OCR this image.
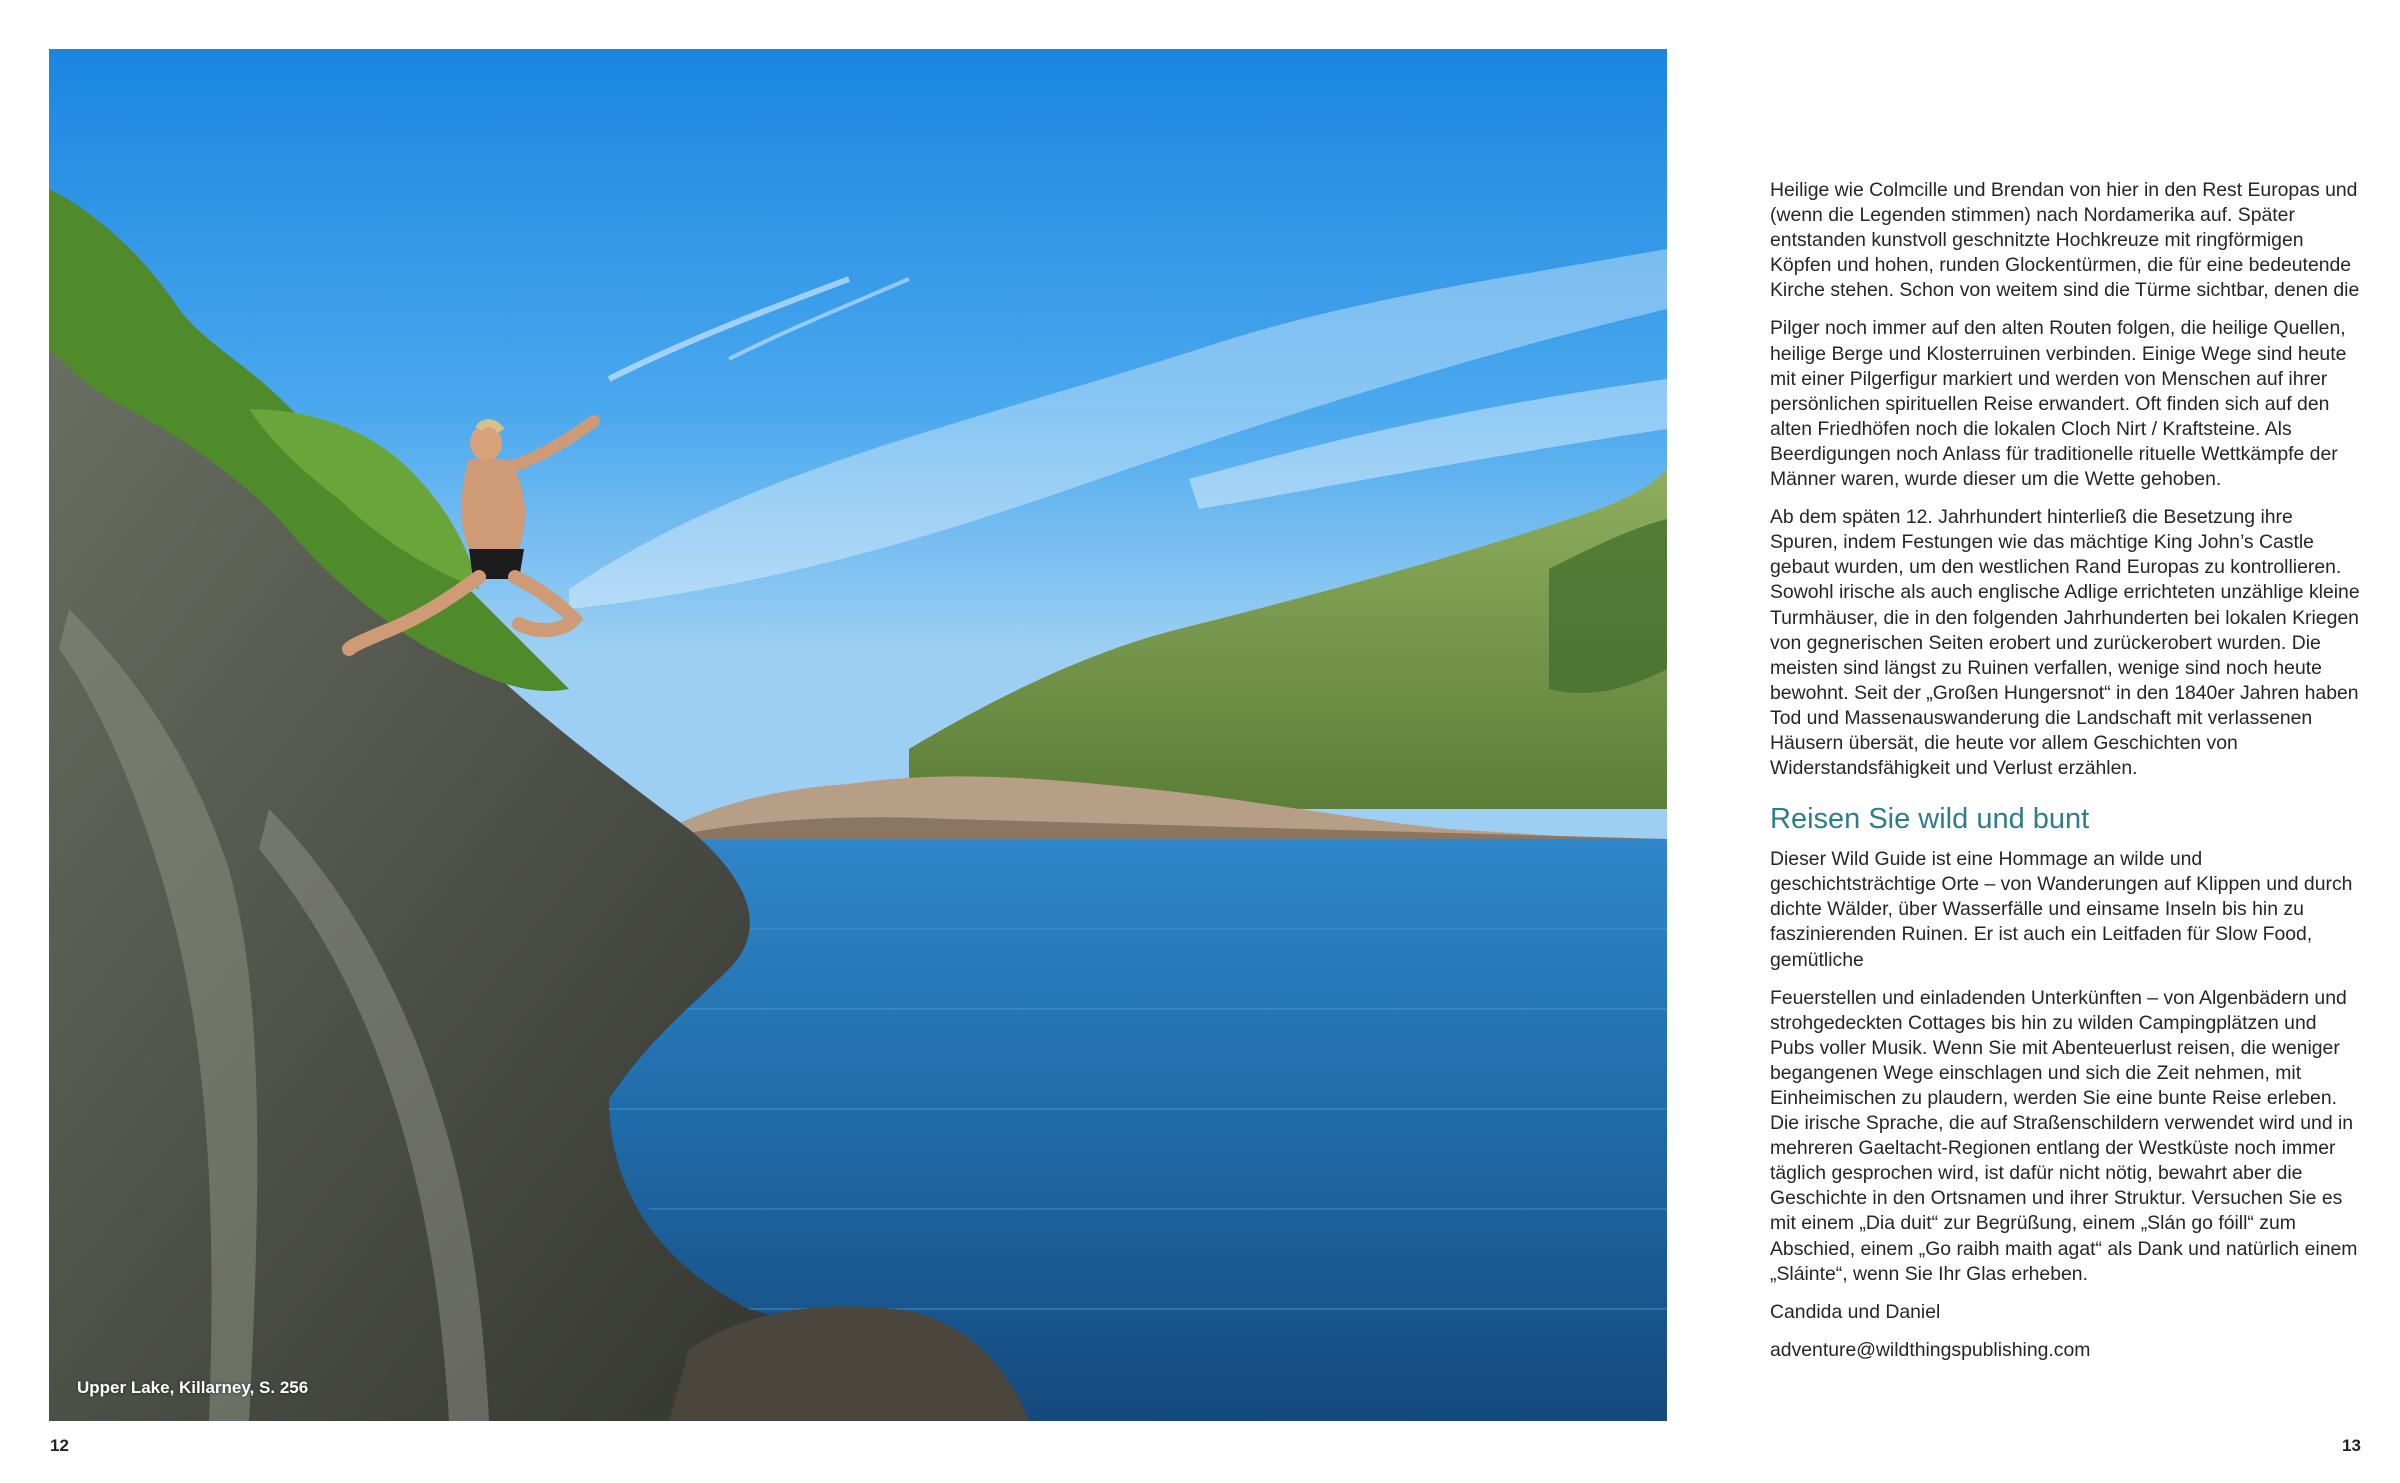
Upper Lake, Killarney, S. 256
12	13

Heilige wie Colmcille und Brendan von hier in den Rest Europas und (wenn die Legenden stimmen) nach Nordamerika auf. Später entstanden kunstvoll geschnitzte Hochkreuze mit ringförmigen Köpfen und hohen, runden Glockentürmen, die für eine bedeutende Kirche stehen. Schon von weitem sind die Türme sichtbar, denen die

Pilger noch immer auf den alten Routen folgen, die heilige Quellen, heilige Berge und Klosterruinen verbinden. Einige Wege sind heute mit einer Pilgerfigur markiert und werden von Menschen auf ihrer persönlichen spirituellen Reise erwandert. Oft finden sich auf den alten Friedhöfen noch die lokalen Cloch Nirt / Kraftsteine. Als Beerdigungen noch Anlass für traditionelle rituelle Wettkämpfe der Männer waren, wurde dieser um die Wette gehoben.

Ab dem späten 12. Jahrhundert hinterließ die Besetzung ihre Spuren, indem Festungen wie das mächtige King John’s Castle gebaut wurden, um den westlichen Rand Europas zu kontrollieren. Sowohl irische als auch englische Adlige errichteten unzählige kleine Turmhäuser, die in den folgenden Jahrhunderten bei lokalen Kriegen von gegnerischen Seiten erobert und zurückerobert wurden. Die meisten sind längst zu Ruinen verfallen, wenige sind noch heute bewohnt. Seit der „Großen Hungersnot“ in den 1840er Jahren haben Tod und Massenauswanderung die Landschaft mit verlassenen Häusern übersät, die heute vor allem Geschichten von Widerstandsfähigkeit und Verlust erzählen.

Reisen Sie wild und bunt

Dieser Wild Guide ist eine Hommage an wilde und geschichtsträchtige Orte – von Wanderungen auf Klippen und durch dichte Wälder, über Wasserfälle und einsame Inseln bis hin zu faszinierenden Ruinen. Er ist auch ein Leitfaden für Slow Food, gemütliche

Feuerstellen und einladenden Unterkünften – von Algenbädern und strohgedeckten Cottages bis hin zu wilden Campingplätzen und Pubs voller Musik. Wenn Sie mit Abenteuerlust reisen, die weniger begangenen Wege einschlagen und sich die Zeit nehmen, mit Einheimischen zu plaudern, werden Sie eine bunte Reise erleben. Die irische Sprache, die auf Straßenschildern verwendet wird und in mehreren Gaeltacht-Regionen entlang der Westküste noch immer täglich gesprochen wird, ist dafür nicht nötig, bewahrt aber die Geschichte in den Ortsnamen und ihrer Struktur. Versuchen Sie es mit einem „Dia duit“ zur Begrüßung, einem „Slán go fóill“ zum Abschied, einem „Go raibh maith agat“ als Dank und natürlich einem „Sláinte“, wenn Sie Ihr Glas erheben.

Candida und Daniel

adventure@wildthingspublishing.com
